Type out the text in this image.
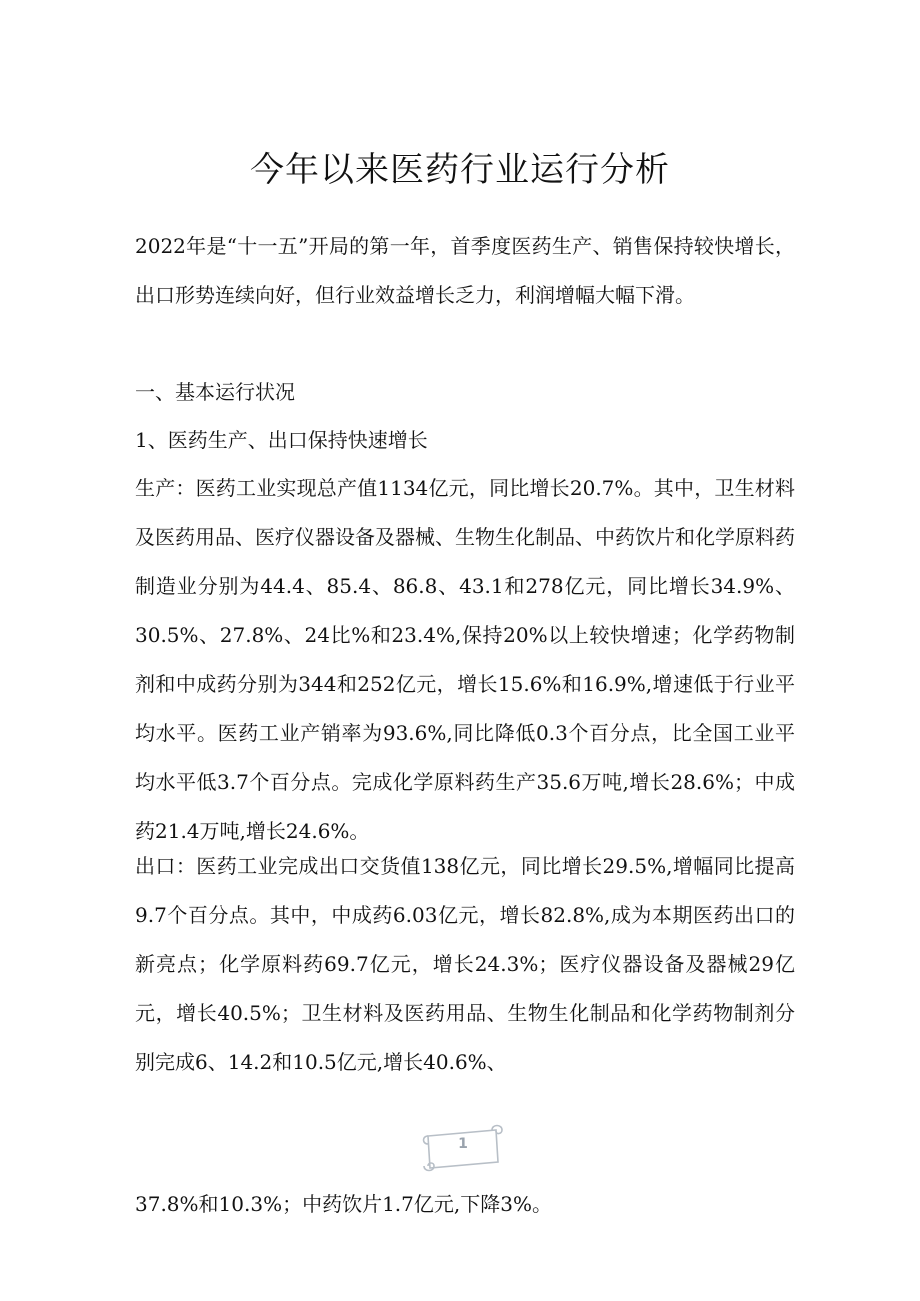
今年以来医药行业运行分析

2022年是“十一五”开局的第一年，首季度医药生产、销售保持较快增长，出口形势连续向好，但行业效益增长乏力，利润增幅大幅下滑。

一、基本运行状况

1、医药生产、出口保持快速增长

生产：医药工业实现总产值1134亿元，同比增长20.7%。其中，卫生材料及医药用品、医疗仪器设备及器械、生物生化制品、中药饮片和化学原料药制造业分别为44.4、85.4、86.8、43.1和278亿元，同比增长34.9%、30.5%、27.8%、24比%和23.4%,保持20%以上较快增速；化学药物制剂和中成药分别为344和252亿元，增长15.6%和16.9%,增速低于行业平均水平。医药工业产销率为93.6%,同比降低0.3个百分点，比全国工业平均水平低3.7个百分点。完成化学原料药生产35.6万吨,增长28.6%；中成药21.4万吨,增长24.6%。

出口：医药工业完成出口交货值138亿元，同比增长29.5%,增幅同比提高9.7个百分点。其中，中成药6.03亿元，增长82.8%,成为本期医药出口的新亮点；化学原料药69.7亿元，增长24.3%；医疗仪器设备及器械29亿元，增长40.5%；卫生材料及医药用品、生物生化制品和化学药物制剂分别完成6、14.2和10.5亿元,增长40.6%、

1

37.8%和10.3%；中药饮片1.7亿元,下降3%。
